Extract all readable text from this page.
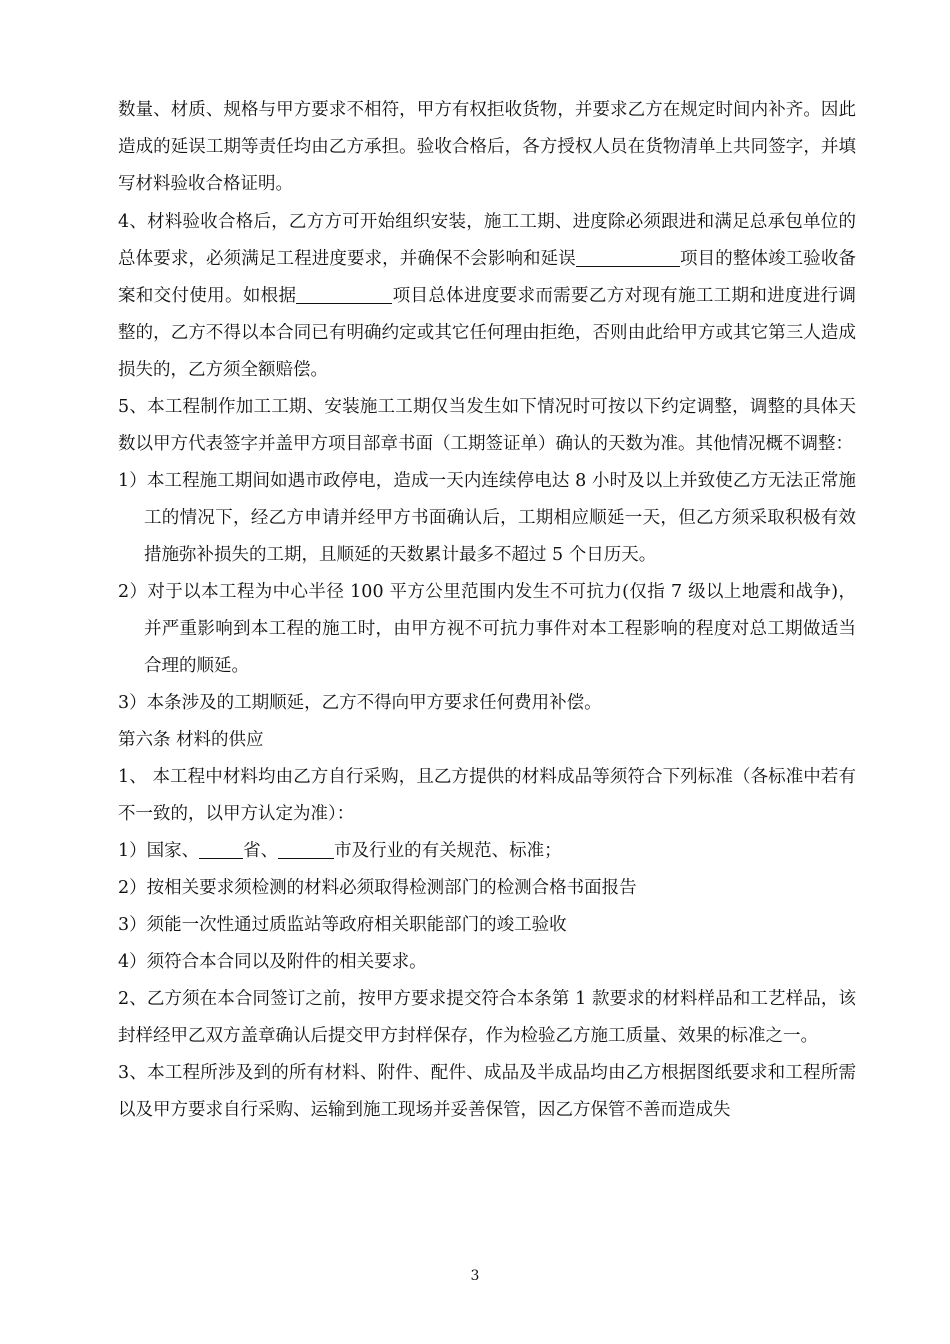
数量、材质、规格与甲方要求不相符，甲方有权拒收货物，并要求乙方在规定时间内补齐。因此造成的延误工期等责任均由乙方承担。验收合格后，各方授权人员在货物清单上共同签字，并填写材料验收合格证明。

4、材料验收合格后，乙方方可开始组织安装，施工工期、进度除必须跟进和满足总承包单位的总体要求，必须满足工程进度要求，并确保不会影响和延误	项目的整体竣工验收备案和交付使用。如根据	项目总体进度要求而需要乙方对现有施工工期和进度进行调整的，乙方不得以本合同已有明确约定或其它任何理由拒绝，否则由此给甲方或其它第三人造成损失的，乙方须全额赔偿。

5、本工程制作加工工期、安装施工工期仅当发生如下情况时可按以下约定调整，调整的具体天数以甲方代表签字并盖甲方项目部章书面（工期签证单）确认的天数为准。其他情况概不调整：

1）本工程施工期间如遇市政停电，造成一天内连续停电达 8 小时及以上并致使乙方无法正常施工的情况下，经乙方申请并经甲方书面确认后，工期相应顺延一天，但乙方须采取积极有效措施弥补损失的工期，且顺延的天数累计最多不超过 5 个日历天。

2）对于以本工程为中心半径 100 平方公里范围内发生不可抗力(仅指 7 级以上地震和战争)，并严重影响到本工程的施工时，由甲方视不可抗力事件对本工程影响的程度对总工期做适当合理的顺延。

3）本条涉及的工期顺延，乙方不得向甲方要求任何费用补偿。

第六条 材料的供应

1、 本工程中材料均由乙方自行采购，且乙方提供的材料成品等须符合下列标准（各标准中若有不一致的，以甲方认定为准）：

1）国家、	省、	市及行业的有关规范、标准；

2）按相关要求须检测的材料必须取得检测部门的检测合格书面报告

3）须能一次性通过质监站等政府相关职能部门的竣工验收

4）须符合本合同以及附件的相关要求。

2、乙方须在本合同签订之前，按甲方要求提交符合本条第 1 款要求的材料样品和工艺样品，该封样经甲乙双方盖章确认后提交甲方封样保存，作为检验乙方施工质量、效果的标准之一。

3、本工程所涉及到的所有材料、附件、配件、成品及半成品均由乙方根据图纸要求和工程所需以及甲方要求自行采购、运输到施工现场并妥善保管，因乙方保管不善而造成失

3
